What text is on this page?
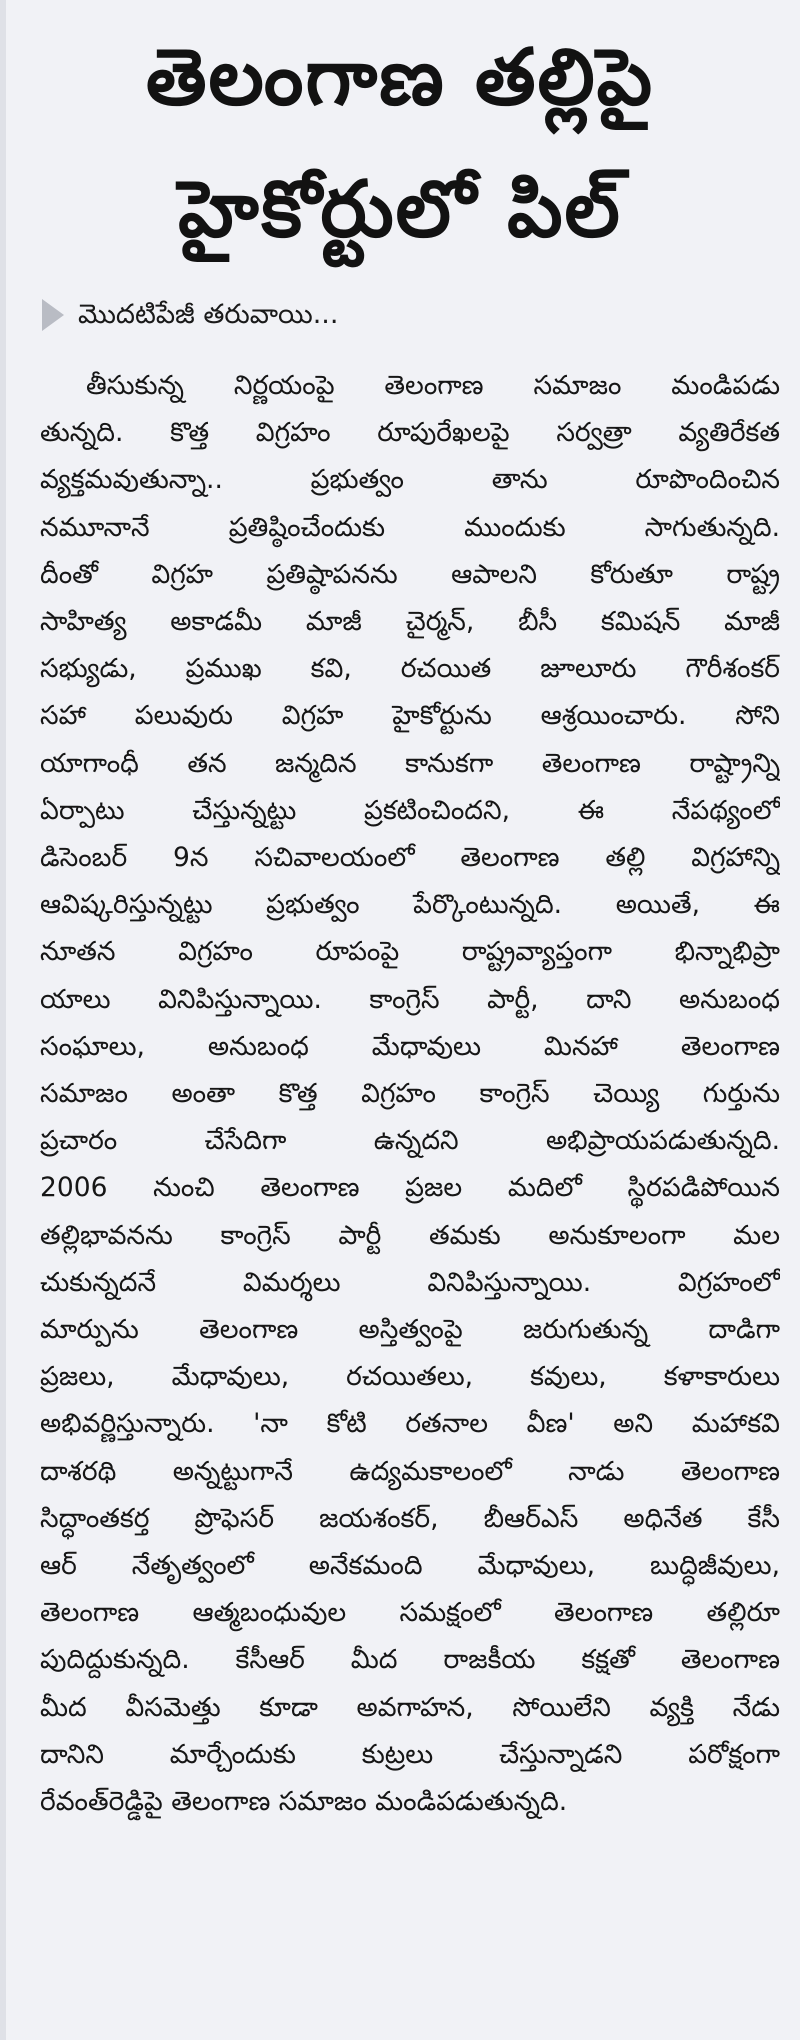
తెలంగాణ తల్లిపై
హైకోర్టులో పిల్
మొదటిపేజీ తరువాయి...
తీసుకున్న నిర్ణయంపై తెలంగాణ సమాజం మండిపడు
తున్నది. కొత్త విగ్రహం రూపురేఖలపై సర్వత్రా వ్యతిరేకత
వ్యక్తమవుతున్నా.. ప్రభుత్వం తాను రూపొందించిన
నమూనానే ప్రతిష్ఠించేందుకు ముందుకు సాగుతున్నది.
దీంతో విగ్రహ ప్రతిష్ఠాపనను ఆపాలని కోరుతూ రాష్ట్ర
సాహిత్య అకాడమీ మాజీ చైర్మన్, బీసీ కమిషన్ మాజీ
సభ్యుడు, ప్రముఖ కవి, రచయిత జూలూరు గౌరీశంకర్
సహా పలువురు విగ్రహ హైకోర్టును ఆశ్రయించారు. సోని
యాగాంధీ తన జన్మదిన కానుకగా తెలంగాణ రాష్ట్రాన్ని
ఏర్పాటు చేస్తున్నట్టు ప్రకటించిందని, ఈ నేపథ్యంలో
డిసెంబర్ 9న సచివాలయంలో తెలంగాణ తల్లి విగ్రహాన్ని
ఆవిష్కరిస్తున్నట్టు ప్రభుత్వం పేర్కొంటున్నది. అయితే, ఈ
నూతన విగ్రహం రూపంపై రాష్ట్రవ్యాప్తంగా భిన్నాభిప్రా
యాలు వినిపిస్తున్నాయి. కాంగ్రెస్ పార్టీ, దాని అనుబంధ
సంఘాలు, అనుబంధ మేధావులు మినహా తెలంగాణ
సమాజం అంతా కొత్త విగ్రహం కాంగ్రెస్ చెయ్యి గుర్తును
ప్రచారం చేసేదిగా ఉన్నదని అభిప్రాయపడుతున్నది.
2006 నుంచి తెలంగాణ ప్రజల మదిలో స్థిరపడిపోయిన
తల్లిభావనను కాంగ్రెస్ పార్టీ తమకు అనుకూలంగా మల
చుకున్నదనే విమర్శలు వినిపిస్తున్నాయి. విగ్రహంలో
మార్పును తెలంగాణ అస్తిత్వంపై జరుగుతున్న దాడిగా
ప్రజలు, మేధావులు, రచయితలు, కవులు, కళాకారులు
అభివర్ణిస్తున్నారు. 'నా కోటి రతనాల వీణ' అని మహాకవి
దాశరథి అన్నట్టుగానే ఉద్యమకాలంలో నాడు తెలంగాణ
సిద్ధాంతకర్త ప్రొఫెసర్ జయశంకర్, బీఆర్ఎస్ అధినేత కేసీ
ఆర్ నేతృత్వంలో అనేకమంది మేధావులు, బుద్ధిజీవులు,
తెలంగాణ ఆత్మబంధువుల సమక్షంలో తెలంగాణ తల్లిరూ
పుదిద్దుకున్నది. కేసీఆర్ మీద రాజకీయ కక్షతో తెలంగాణ
మీద వీసమెత్తు కూడా అవగాహన, సోయిలేని వ్యక్తి నేడు
దానిని మార్చేందుకు కుట్రలు చేస్తున్నాడని పరోక్షంగా
రేవంత్‌రెడ్డిపై తెలంగాణ సమాజం మండిపడుతున్నది.
